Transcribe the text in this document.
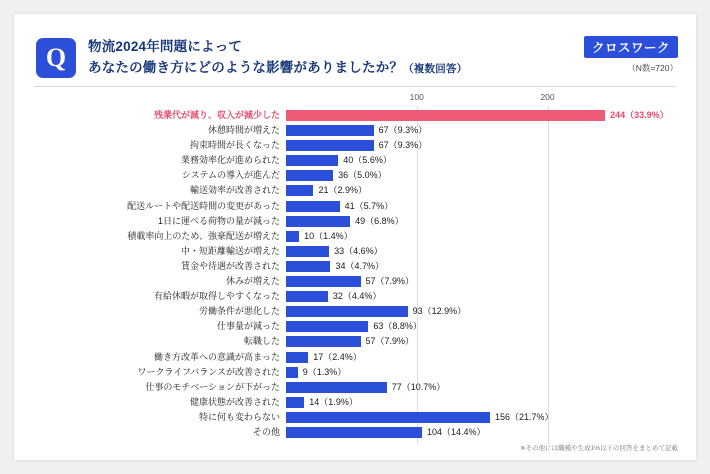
Q	物流2024年問題によって
あなたの働き方にどのような影響がありましたか？（複数回答）
クロスワーク
（N数=720）
100	200
残業代が減り、収入が減少した	244（33.9%）
休憩時間が増えた	67（9.3%）
拘束時間が長くなった	67（9.3%）
業務効率化が進められた	40（5.6%）
システムの導入が進んだ	36（5.0%）
輸送効率が改善された	21（2.9%）
配送ルートや配送時間の変更があった	41（5.7%）
1日に運べる荷物の量が減った	49（6.8%）
積載率向上のため、強豪配送が増えた	10（1.4%）
中・短距離輸送が増えた	33（4.6%）
賃金や待遇が改善された	34（4.7%）
休みが増えた	57（7.9%）
有給休暇が取得しやすくなった	32（4.4%）
労働条件が悪化した	93（12.9%）
仕事量が減った	63（8.8%）
転職した	57（7.9%）
働き方改革への意識が高まった	17（2.4%）
ワークライフバランスが改善された	9（1.3%）
仕事のモチベーションが下がった	77（10.7%）
健康状態が改善された	14（1.9%）
特に何も変わらない	156（21.7%）
その他	104（14.4%）
※その他には職種や生成1%以下の回答をまとめて記載
